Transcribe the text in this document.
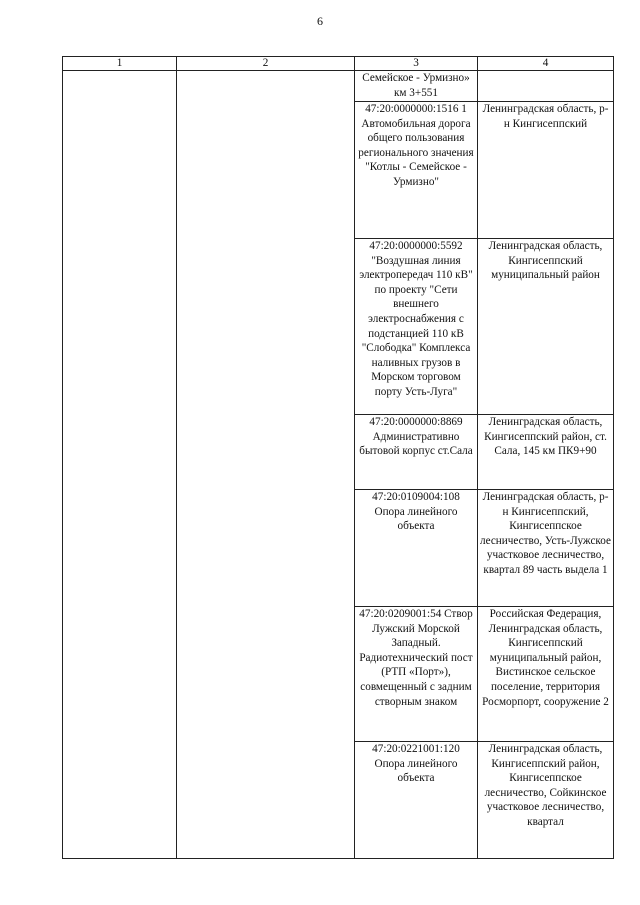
6
1	2	3	4

		Семейское - Урмизно» км 3+551	

		47:20:0000000:1516 1 Автомобильная дорога общего пользования регионального значения "Котлы - Семейское - Урмизно"	Ленинградская область, р-н Кингисеппский

		47:20:0000000:5592 "Воздушная линия электропередач 110 кВ" по проекту "Сети внешнего электроснабжения с подстанцией 110 кВ "Слободка" Комплекса наливных грузов в Морском торговом порту Усть-Луга"	Ленинградская область, Кингисеппский муниципальный район

		47:20:0000000:8869 Административно бытовой корпус ст.Сала	Ленинградская область, Кингисеппский район, ст. Сала, 145 км ПК9+90

		47:20:0109004:108 Опора линейного объекта	Ленинградская область, р-н Кингисеппский, Кингисеппское лесничество, Усть-Лужское участковое лесничество, квартал 89 часть выдела 1

		47:20:0209001:54 Створ Лужский Морской Западный. Радиотехнический пост (РТП «Порт»), совмещенный с задним створным знаком	Российская Федерация, Ленинградская область, Кингисеппский муниципальный район, Вистинское сельское поселение, территория Росморпорт, сооружение 2

		47:20:0221001:120 Опора линейного объекта	Ленинградская область, Кингисеппский район, Кингисеппское лесничество, Сойкинское участковое лесничество, квартал
